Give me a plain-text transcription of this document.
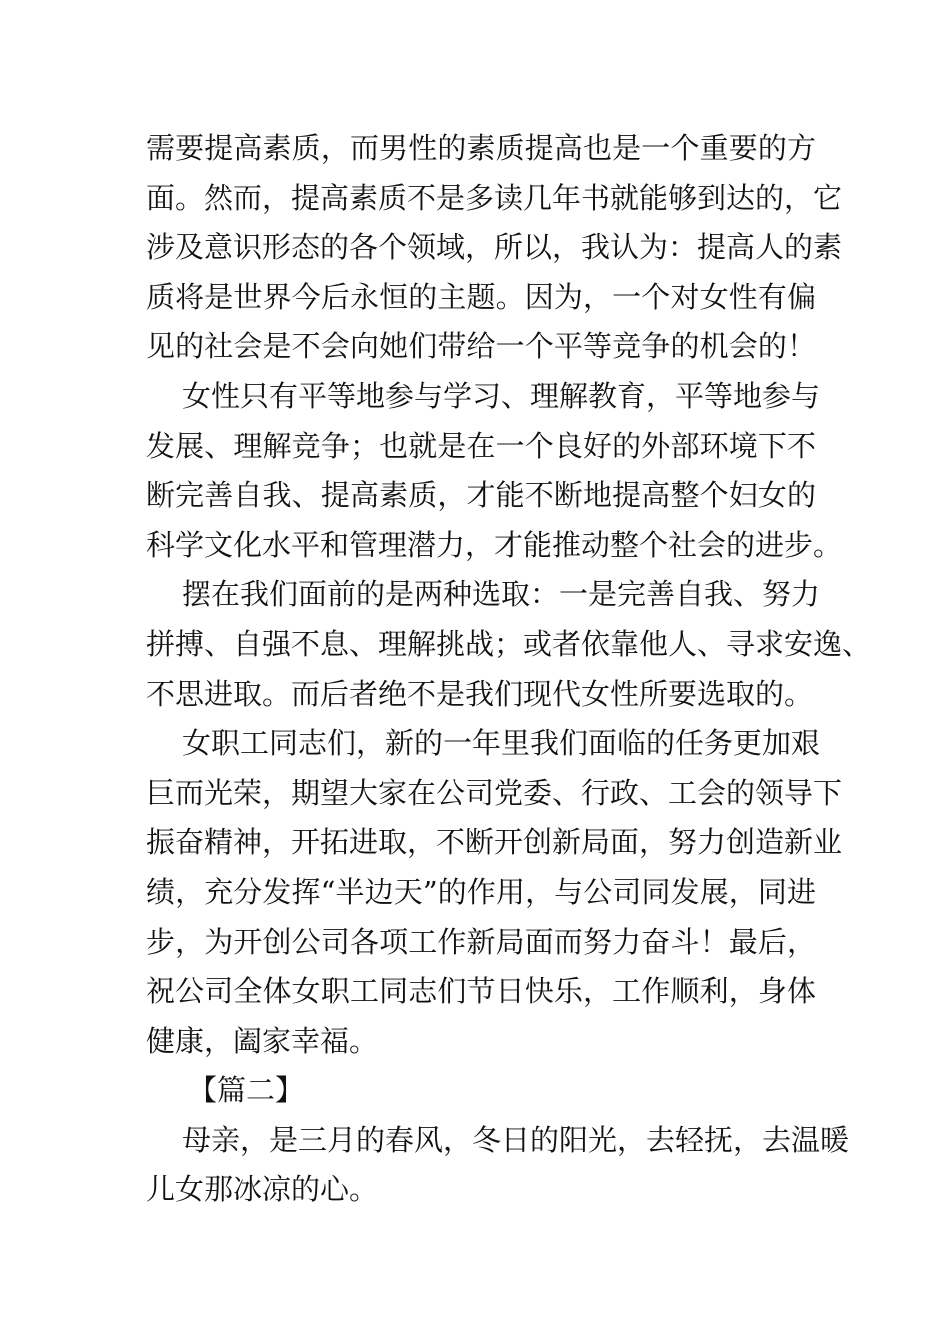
需要提高素质，而男性的素质提高也是一个重要的方
面。然而，提高素质不是多读几年书就能够到达的，它
涉及意识形态的各个领域，所以，我认为：提高人的素
质将是世界今后永恒的主题。因为，一个对女性有偏
见的社会是不会向她们带给一个平等竞争的机会的！
女性只有平等地参与学习、理解教育，平等地参与
发展、理解竞争；也就是在一个良好的外部环境下不
断完善自我、提高素质，才能不断地提高整个妇女的
科学文化水平和管理潜力，才能推动整个社会的进步。
摆在我们面前的是两种选取：一是完善自我、努力
拼搏、自强不息、理解挑战；或者依靠他人、寻求安逸、
不思进取。而后者绝不是我们现代女性所要选取的。
女职工同志们，新的一年里我们面临的任务更加艰
巨而光荣，期望大家在公司党委、行政、工会的领导下
振奋精神，开拓进取，不断开创新局面，努力创造新业
绩，充分发挥“半边天”的作用，与公司同发展，同进
步，为开创公司各项工作新局面而努力奋斗！最后，
祝公司全体女职工同志们节日快乐，工作顺利，身体
健康，阖家幸福。
【篇二】
母亲，是三月的春风，冬日的阳光，去轻抚，去温暖
儿女那冰凉的心。
